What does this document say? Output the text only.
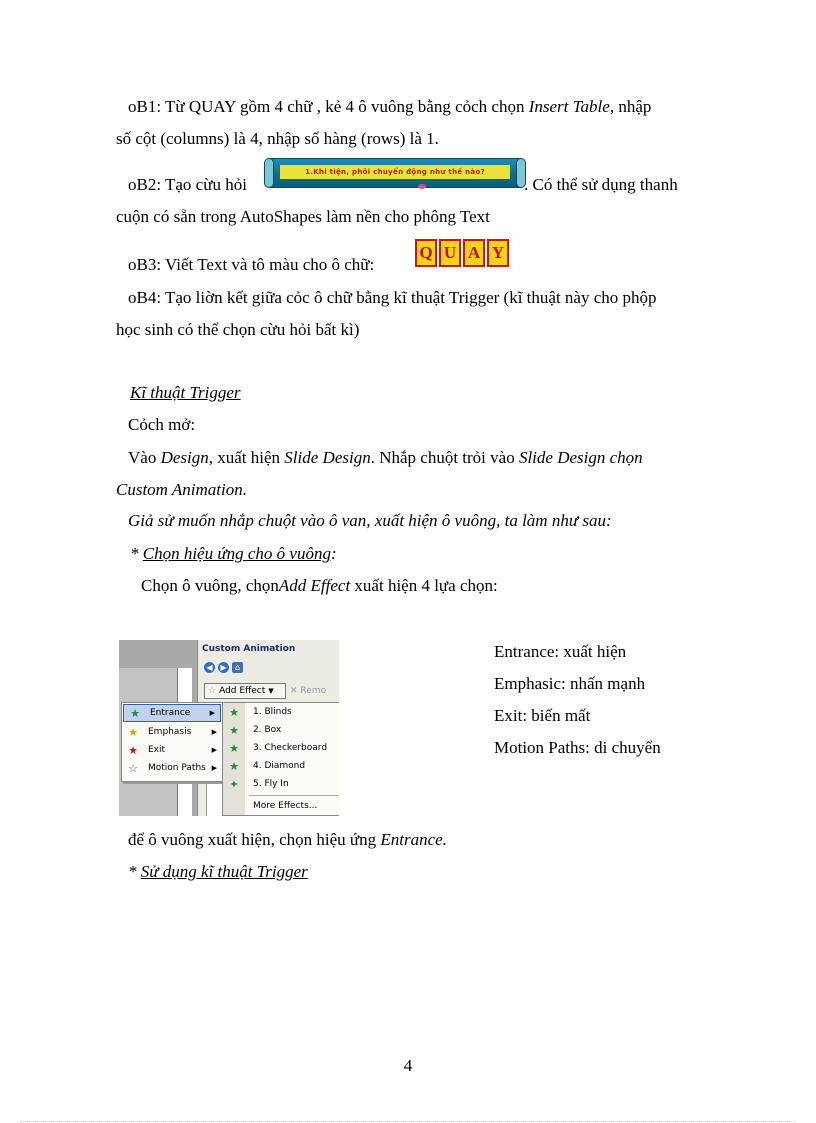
oB1: Từ QUAY gồm 4 chữ , kẻ 4 ô vuông bằng cỏch chọn Insert Table, nhập
số cột (columns) là 4, nhập số hàng (rows) là 1.
oB2: Tạo cừu hỏi
1.Khi tiện, phôi chuyển động như thế nào?
. Có thể sử dụng thanh
cuộn có sẵn trong AutoShapes làm nền cho phông Text
oB3: Viết Text và tô màu cho ô chữ:
Q U A Y
oB4: Tạo liờn kết giữa cỏc ô chữ bằng kĩ thuật Trigger (kĩ thuật này cho phộp
học sinh có thể chọn cừu hỏi bất kì)
Kĩ thuật Trigger
Cỏch mở:
Vào Design, xuất hiện Slide Design. Nhắp chuột trỏi vào Slide Design chọn
Custom Animation.
Giả sử muốn nhắp chuột vào ô van, xuất hiện ô vuông, ta làm như sau:
* Chọn hiệu ứng cho ô vuông:
Chọn ô vuông, chọnAdd Effect xuất hiện 4 lựa chọn:
Custom Animation
◀ ▶	⌂
☆ Add Effect ▼ ✕
Remo
★ Entrance	▶
★ Emphasis	▶
★ Exit	▶
☆ Motion Paths ▶
★ 1. Blinds
★ 2. Box
★ 3. Checkerboard
★ 4. Diamond
✦ 5. Fly In
More Effects...
Entrance: xuất hiện
Emphasic: nhấn mạnh
Exit: biến mất
Motion Paths: di chuyển
để ô vuông xuất hiện, chọn hiệu ứng Entrance.
* Sử dụng kĩ thuật Trigger
4
